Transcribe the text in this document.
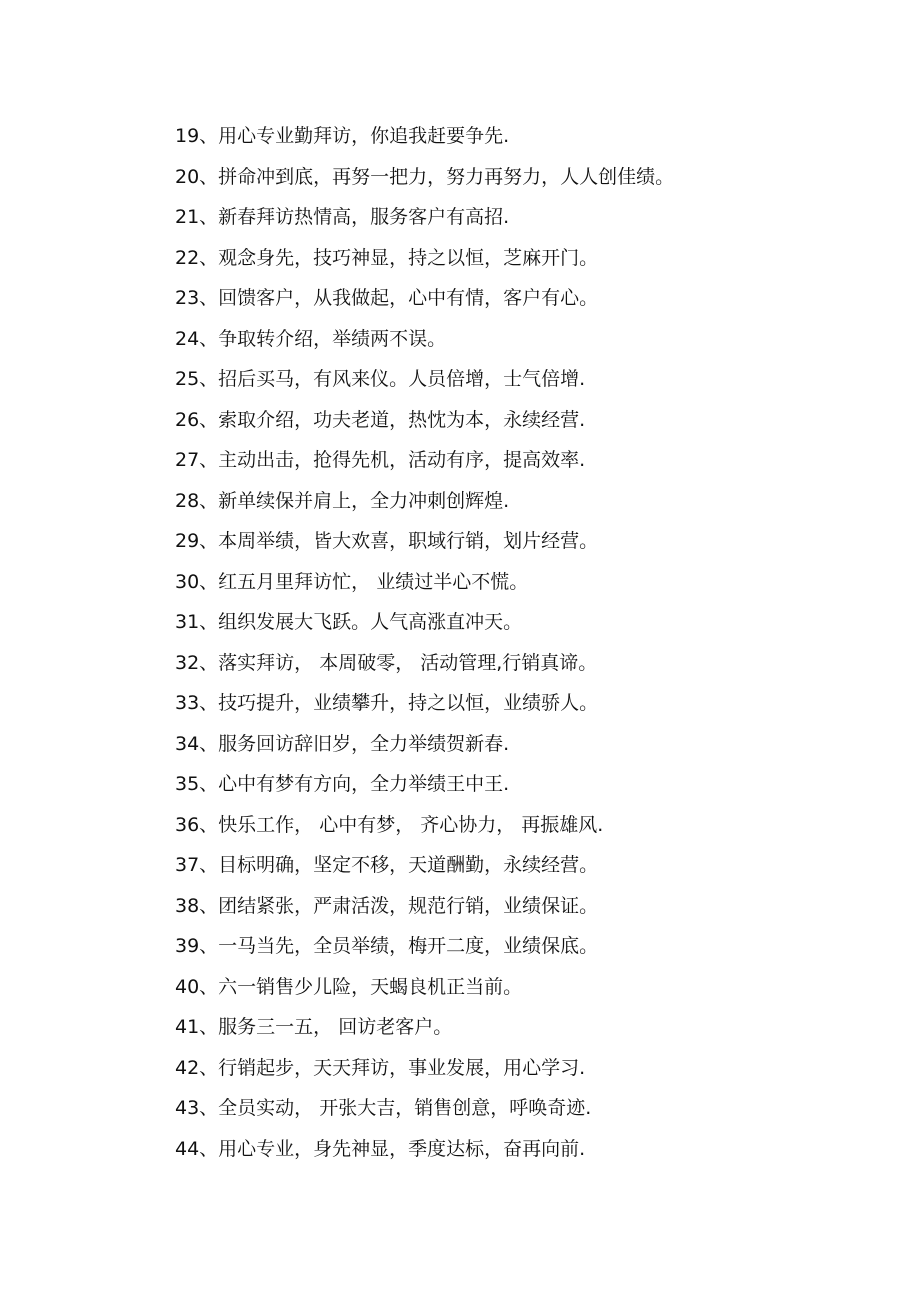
19、用心专业勤拜访，你追我赶要争先.
20、拼命冲到底，再努一把力，努力再努力，人人创佳绩。
21、新春拜访热情高，服务客户有高招.
22、观念身先，技巧神显，持之以恒，芝麻开门。
23、回馈客户，从我做起，心中有情，客户有心。
24、争取转介绍，举绩两不误。
25、招后买马，有风来仪。人员倍增，士气倍增.
26、索取介绍，功夫老道，热忱为本，永续经营.
27、主动出击，抢得先机，活动有序，提高效率.
28、新单续保并肩上，全力冲刺创辉煌.
29、本周举绩，皆大欢喜，职域行销，划片经营。
30、红五月里拜访忙， 业绩过半心不慌。
31、组织发展大飞跃。人气高涨直冲天。
32、落实拜访， 本周破零， 活动管理,行销真谛。
33、技巧提升，业绩攀升，持之以恒，业绩骄人。
34、服务回访辞旧岁，全力举绩贺新春.
35、心中有梦有方向，全力举绩王中王.
36、快乐工作， 心中有梦， 齐心协力， 再振雄风.
37、目标明确，坚定不移，天道酬勤，永续经营。
38、团结紧张，严肃活泼，规范行销，业绩保证。
39、一马当先，全员举绩，梅开二度，业绩保底。
40、六一销售少儿险，天蝎良机正当前。
41、服务三一五， 回访老客户。
42、行销起步，天天拜访，事业发展，用心学习.
43、全员实动， 开张大吉，销售创意，呼唤奇迹.
44、用心专业，身先神显，季度达标，奋再向前.
